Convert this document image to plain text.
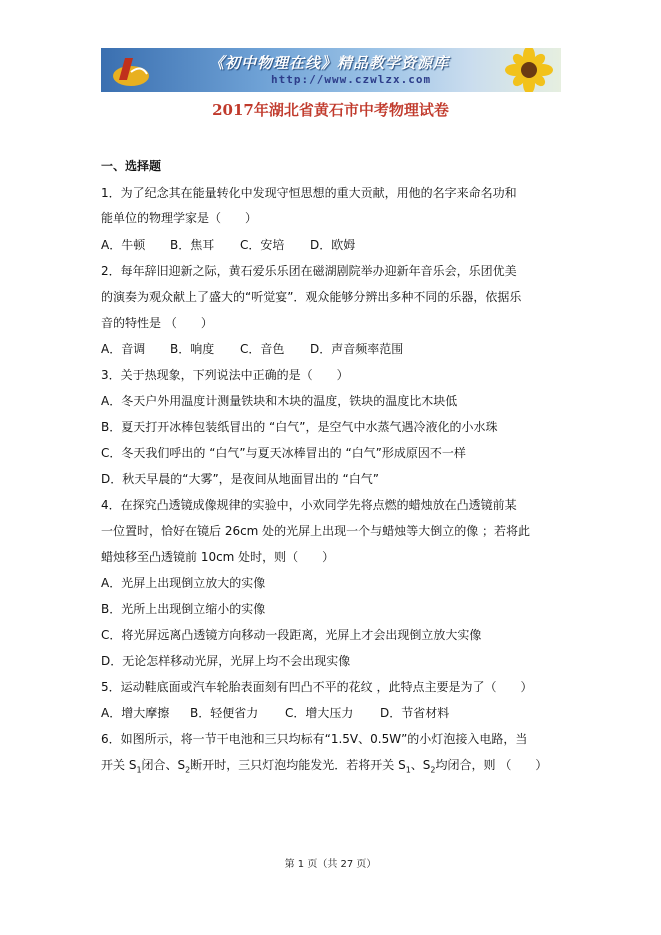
《初中物理在线》精品教学资源库
http://www.czwlzx.com
2017年湖北省黄石市中考物理试卷
一、选择题
1．为了纪念其在能量转化中发现守恒思想的重大贡献，用他的名字来命名功和
能单位的物理学家是（　　）
A．牛顿 B．焦耳 C．安培 D．欧姆
2．每年辞旧迎新之际，黄石爱乐乐团在磁湖剧院举办迎新年音乐会，乐团优美
的演奏为观众献上了盛大的“听觉宴”．观众能够分辨出多种不同的乐器，依据乐
音的特性是 （　　）
A．音调 B．响度 C．音色 D．声音频率范围
3．关于热现象，下列说法中正确的是（　　）
A．冬天户外用温度计测量铁块和木块的温度，铁块的温度比木块低
B．夏天打开冰棒包装纸冒出的 “白气”，是空气中水蒸气遇冷液化的小水珠
C．冬天我们呼出的 “白气”与夏天冰棒冒出的 “白气”形成原因不一样
D．秋天早晨的“大雾”，是夜间从地面冒出的 “白气”
4．在探究凸透镜成像规律的实验中，小欢同学先将点燃的蜡烛放在凸透镜前某
一位置时，恰好在镜后 26cm 处的光屏上出现一个与蜡烛等大倒立的像 ；若将此
蜡烛移至凸透镜前 10cm 处时，则（　　）
A．光屏上出现倒立放大的实像
B．光所上出现倒立缩小的实像
C．将光屏远离凸透镜方向移动一段距离，光屏上才会出现倒立放大实像
D．无论怎样移动光屏，光屏上均不会出现实像
5．运动鞋底面或汽车轮胎表面刻有凹凸不平的花纹 ，此特点主要是为了（　　）
A．增大摩擦 B．轻便省力 C．增大压力 D．节省材料
6．如图所示，将一节干电池和三只均标有“1.5V、0.5W”的小灯泡接入电路，当
开关 $S_1$闭合、$S_2$断开时，三只灯泡均能发光．若将开关 $S_1$、$S_2$均闭合，则 （　　）
第 1 页（共 27 页）
